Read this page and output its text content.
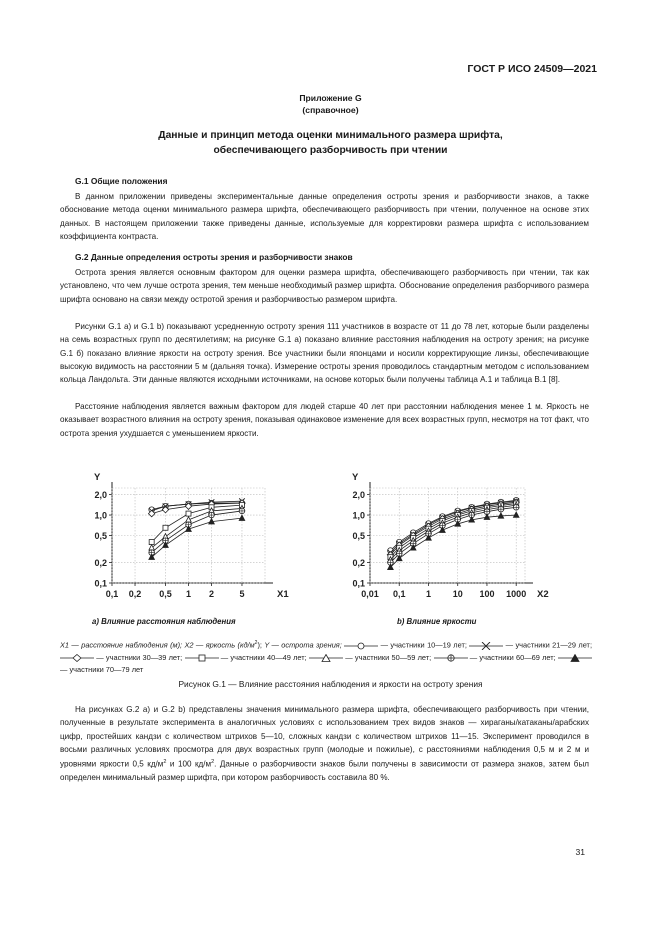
ГОСТ Р ИСО 24509—2021
Приложение G
(справочное)
Данные и принцип метода оценки минимального размера шрифта,
обеспечивающего разборчивость при чтении
G.1 Общие положения

В данном приложении приведены экспериментальные данные определения остроты зрения и разборчивости знаков, а также обоснование метода оценки минимального размера шрифта, обеспечивающего разборчивость при чтении, полученное на основе этих данных. В настоящем приложении также приведены данные, используемые для корректировки размера шрифта с использованием коэффициента контраста.

G.2 Данные определения остроты зрения и разборчивости знаков

Острота зрения является основным фактором для оценки размера шрифта, обеспечивающего разборчивость при чтении, так как установлено, что чем лучше острота зрения, тем меньше необходимый размер шрифта. Обоснование определения разборчивого размера шрифта основано на связи между остротой зрения и разборчивостью размером шрифта.

Рисунки G.1 а) и G.1 b) показывают усредненную остроту зрения 111 участников в возрасте от 11 до 78 лет, которые были разделены на семь возрастных групп по десятилетиям; на рисунке G.1 а) показано влияние расстояния наблюдения на остроту зрения; на рисунке G.1 б) показано влияние яркости на остроту зрения. Все участники были японцами и носили корректирующие линзы, обеспечивающие высокую видимость на расстоянии 5 м (дальняя точка). Измерение остроты зрения проводилось стандартным методом с использованием кольца Ландольта. Эти данные являются исходными источниками, на основе которых были получены таблица А.1 и таблица В.1 [8].

Расстояние наблюдения является важным фактором для людей старше 40 лет при расстоянии наблюдения менее 1 м. Яркость не оказывает возрастного влияния на остроту зрения, показывая одинаковое изменение для всех возрастных групп, несмотря на тот факт, что острота зрения ухудшается с уменьшением яркости.

2,0
1,0
0,5
0,2
0,1
0,1 0,2 0,5 1 2	5
Y
X1
2,0
1,0
0,5
0,2
0,1
0,01 0,1 1 10 100 1000
Y
X2
а) Влияние расстояния наблюдения	b) Влияние яркости

X1 — расстояние наблюдения (м); X2 — яркость $(кд/м^2)$; Y — острота зрения;	— участники 10—19 лет;	— участники 21—29 лет;  — участники 30—39 лет;	— участники 40—49 лет;	— участники 50—59 лет;	— участники 60—69 лет;  — участники 70—79 лет

Рисунок G.1 — Влияние расстояния наблюдения и яркости на остроту зрения

На рисунках G.2 а) и G.2 b) представлены значения минимального размера шрифта, обеспечивающего разборчивость при чтении, полученные в результате эксперимента в аналогичных условиях с использованием трех видов знаков — хираганы/катаканы/арабских цифр, простейших кандзи с количеством штрихов 5—10, сложных кандзи с количеством штрихов 11—15. Эксперимент проводился в восьми различных условиях просмотра для двух возрастных групп (молодые и пожилые), с расстояниями наблюдения 0,5 м и 2 м и уровнями яркости 0,5 $кд/м^2$ и 100 $кд/м^2$. Данные о разборчивости знаков были получены в зависимости от размера знаков, затем был определен минимальный размер шрифта, при котором разборчивость составила 80 %.

31
